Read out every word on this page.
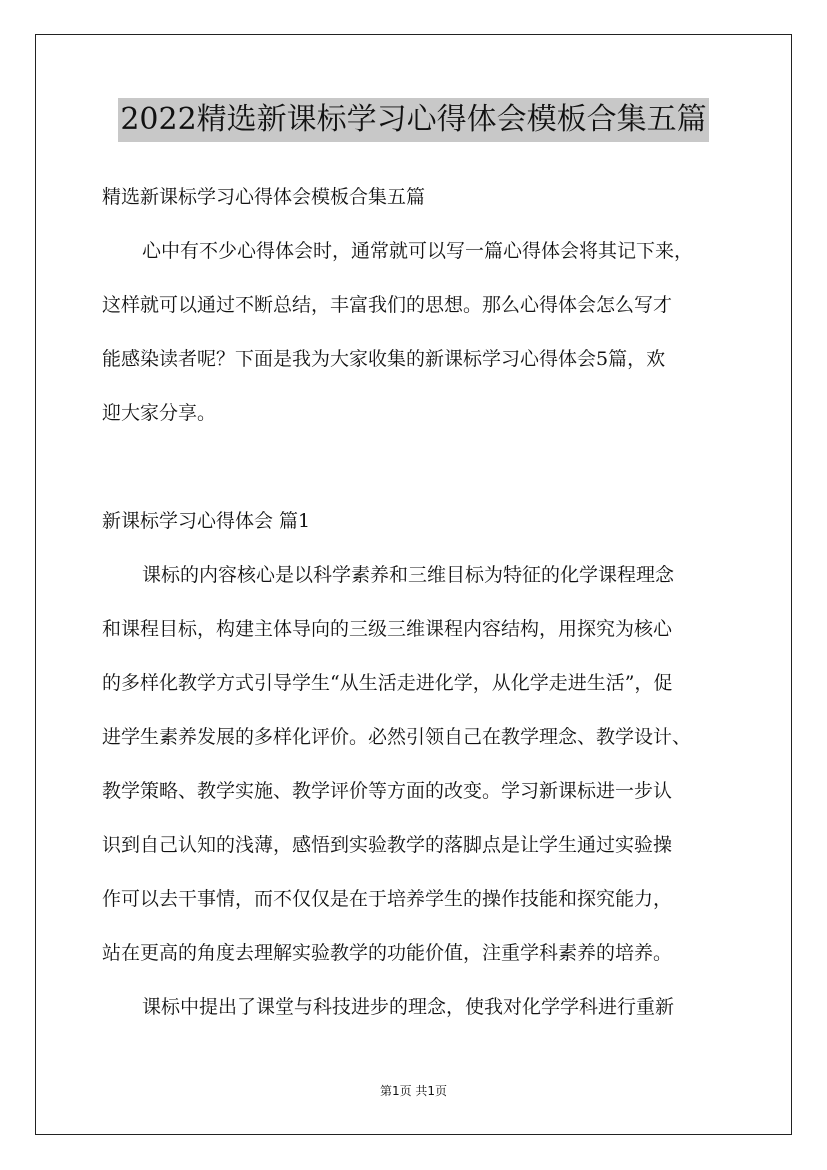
2022精选新课标学习心得体会模板合集五篇
精选新课标学习心得体会模板合集五篇
心中有不少心得体会时，通常就可以写一篇心得体会将其记下来，
这样就可以通过不断总结，丰富我们的思想。那么心得体会怎么写才
能感染读者呢？下面是我为大家收集的新课标学习心得体会5篇，欢
迎大家分享。
新课标学习心得体会 篇1
课标的内容核心是以科学素养和三维目标为特征的化学课程理念
和课程目标，构建主体导向的三级三维课程内容结构，用探究为核心
的多样化教学方式引导学生“从生活走进化学，从化学走进生活”，促
进学生素养发展的多样化评价。必然引领自己在教学理念、教学设计、
教学策略、教学实施、教学评价等方面的改变。学习新课标进一步认
识到自己认知的浅薄，感悟到实验教学的落脚点是让学生通过实验操
作可以去干事情，而不仅仅是在于培养学生的操作技能和探究能力，
站在更高的角度去理解实验教学的功能价值，注重学科素养的培养。
课标中提出了课堂与科技进步的理念，使我对化学学科进行重新
第1页 共1页
